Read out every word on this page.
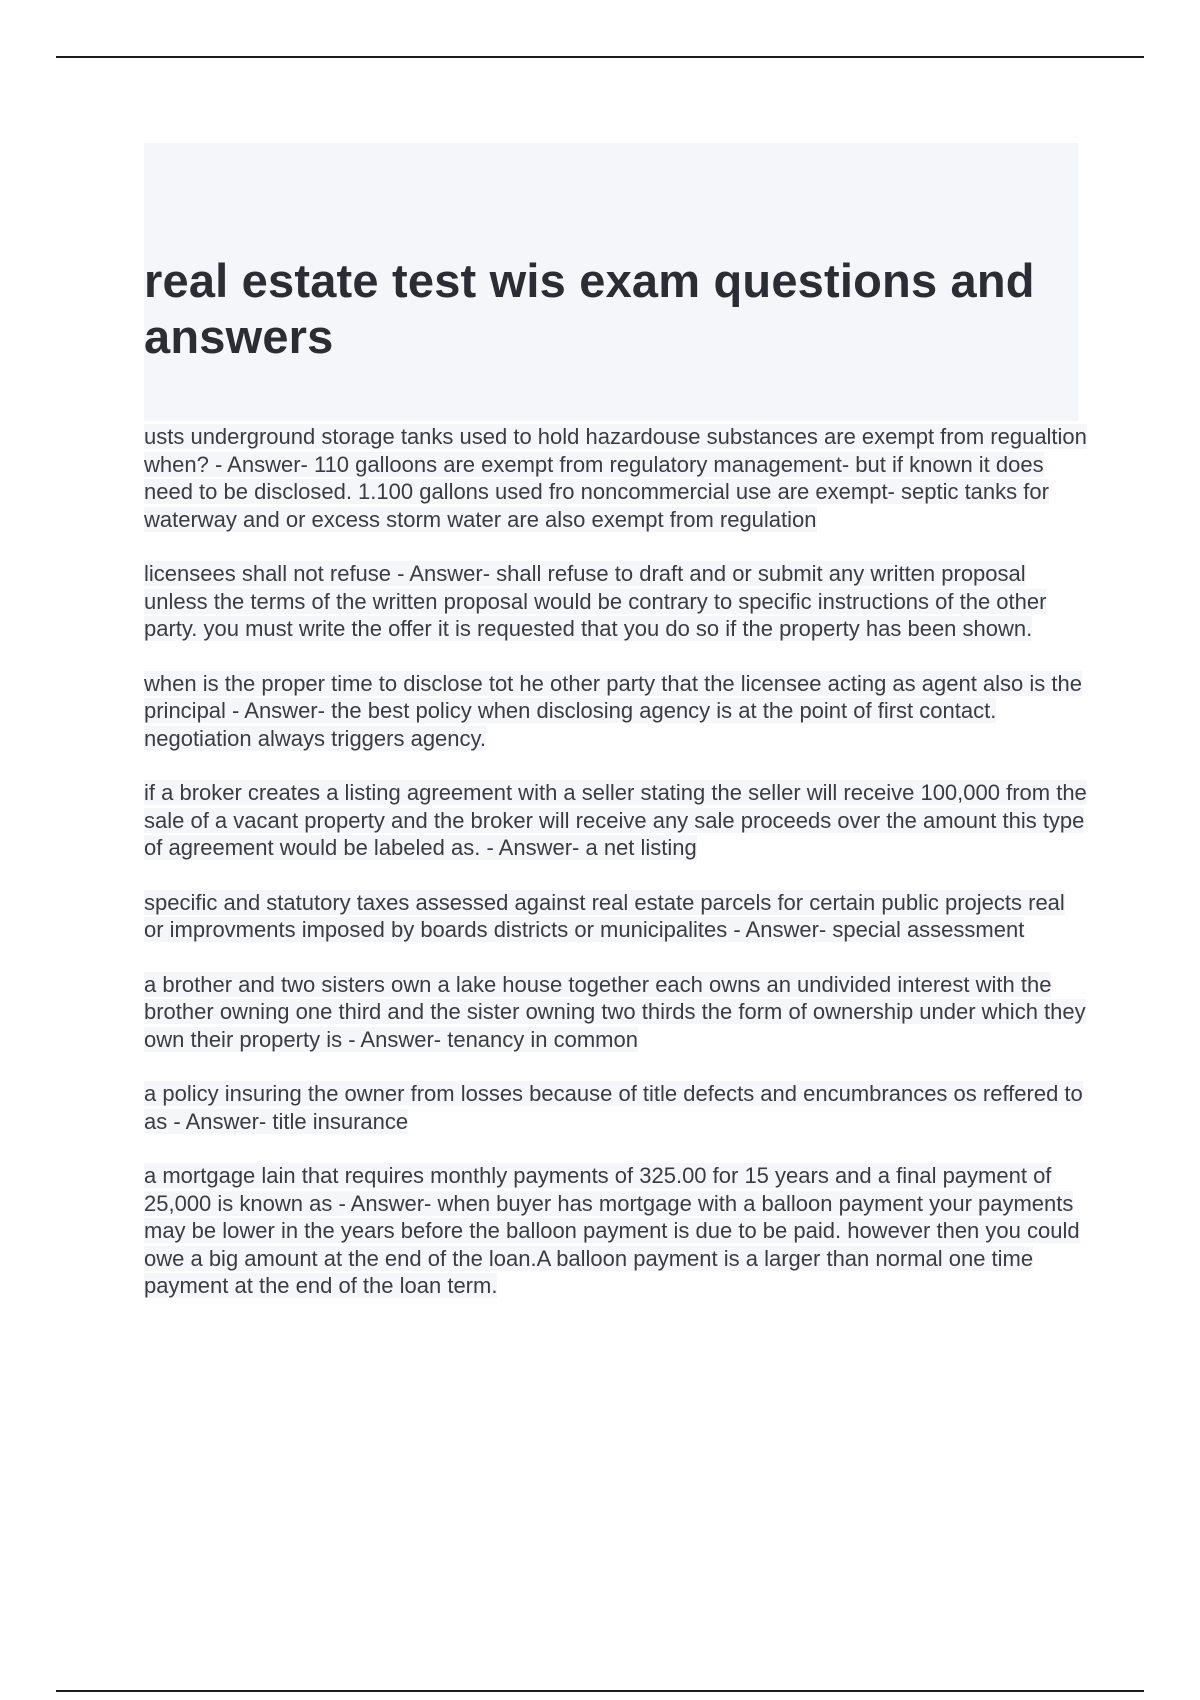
real estate test wis exam questions and answers

usts underground storage tanks used to hold hazardouse substances are exempt from regualtion when? - Answer- 110 galloons are exempt from regulatory management- but if known it does need to be disclosed. 1.100 gallons used fro noncommercial use are exempt- septic tanks for waterway and or excess storm water are also exempt from regulation

licensees shall not refuse - Answer- shall refuse to draft and or submit any written proposal unless the terms of the written proposal would be contrary to specific instructions of the other party. you must write the offer it is requested that you do so if the property has been shown.

when is the proper time to disclose tot he other party that the licensee acting as agent also is the principal - Answer- the best policy when disclosing agency is at the point of first contact. negotiation always triggers agency.

if a broker creates a listing agreement with a seller stating the seller will receive 100,000 from the sale of a vacant property and the broker will receive any sale proceeds over the amount this type of agreement would be labeled as. - Answer- a net listing

specific and statutory taxes assessed against real estate parcels for certain public projects real or improvments imposed by boards districts or municipalites - Answer- special assessment

a brother and two sisters own a lake house together each owns an undivided interest with the brother owning one third and the sister owning two thirds the form of ownership under which they own their property is - Answer- tenancy in common

a policy insuring the owner from losses because of title defects and encumbrances os reffered to as - Answer- title insurance

a mortgage lain that requires monthly payments of 325.00 for 15 years and a final payment of 25,000 is known as - Answer- when buyer has mortgage with a balloon payment your payments may be lower in the years before the balloon payment is due to be paid. however then you could owe a big amount at the end of the loan.A balloon payment is a larger than normal one time payment at the end of the loan term.
